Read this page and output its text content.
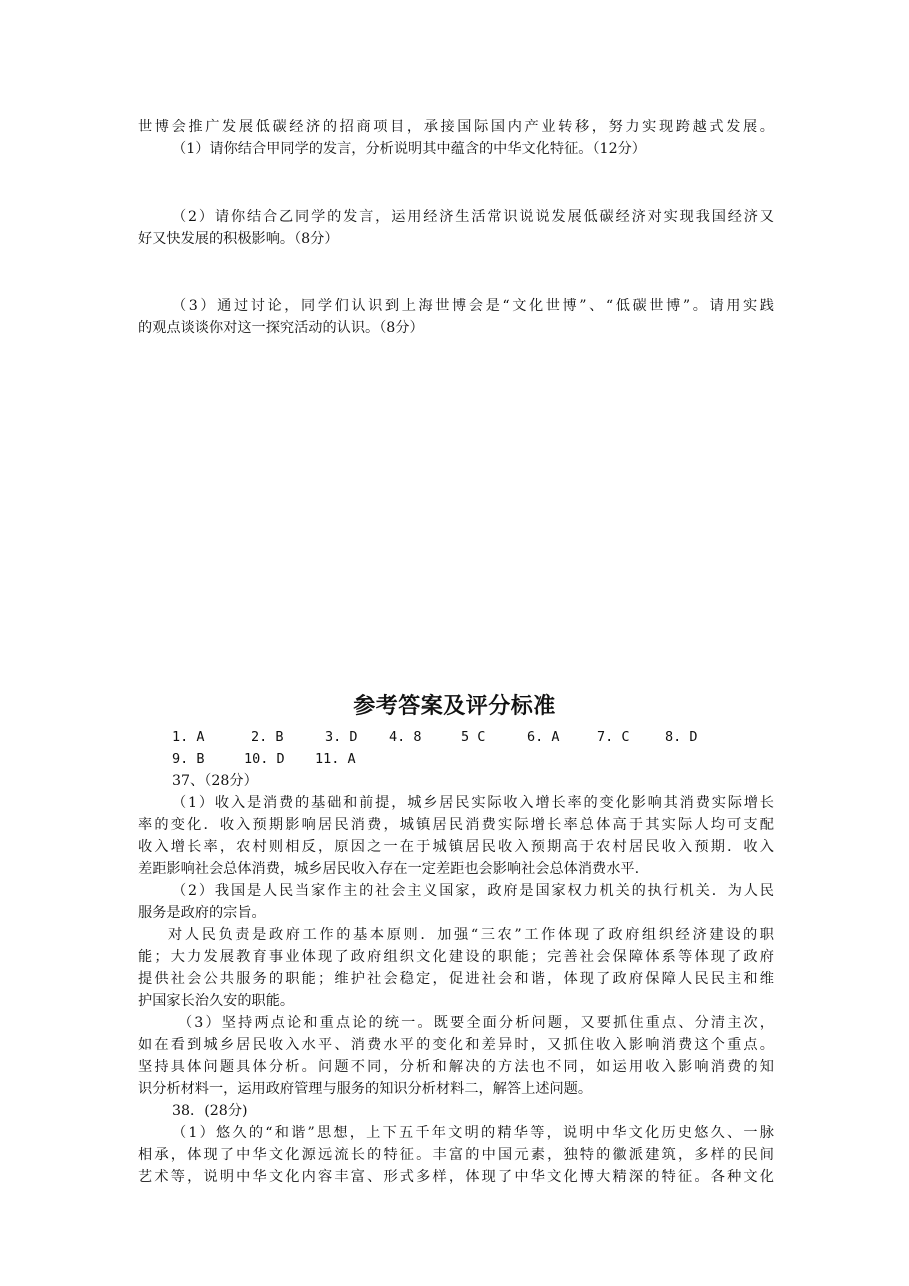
世博会推广发展低碳经济的招商项目，承接国际国内产业转移，努力实现跨越式发展。
（1）请你结合甲同学的发言，分析说明其中蕴含的中华文化特征。（12分）
（2）请你结合乙同学的发言，运用经济生活常识说说发展低碳经济对实现我国经济又
好又快发展的积极影响。（8分）
（3）通过讨论，同学们认识到上海世博会是“文化世博”、“低碳世博”。请用实践
的观点谈谈你对这一探究活动的认识。（8分）
参考答案及评分标准
1. A	2. B	3. D 4. 8	5 C	6. A	7. C	8. D
9. B	10. D 11. A
37、（28分）
（1）收入是消费的基础和前提，城乡居民实际收入增长率的变化影响其消费实际增长
率的变化．收入预期影响居民消费，城镇居民消费实际增长率总体高于其实际人均可支配
收入增长率，农村则相反，原因之一在于城镇居民收入预期高于农村居民收入预期．收入
差距影响社会总体消费，城乡居民收入存在一定差距也会影响社会总体消费水平.
（2）我国是人民当家作主的社会主义国家，政府是国家权力机关的执行机关．为人民
服务是政府的宗旨。
对人民负责是政府工作的基本原则．加强“三农”工作体现了政府组织经济建设的职
能；大力发展教育事业体现了政府组织文化建设的职能；完善社会保障体系等体现了政府
提供社会公共服务的职能；维护社会稳定，促进社会和谐，体现了政府保障人民民主和维
护国家长治久安的职能。
（3）坚持两点论和重点论的统一。既要全面分析问题，又要抓住重点、分清主次，
如在看到城乡居民收入水平、消费水平的变化和差异时，又抓住收入影响消费这个重点。
坚持具体问题具体分析。问题不同，分析和解决的方法也不同，如运用收入影响消费的知
识分析材料一，运用政府管理与服务的知识分析材料二，解答上述问题。
38．(28分)
（1）悠久的“和谐”思想，上下五千年文明的精华等，说明中华文化历史悠久、一脉
相承，体现了中华文化源远流长的特征。丰富的中国元素，独特的徽派建筑，多样的民间
艺术等，说明中华文化内容丰富、形式多样，体现了中华文化博大精深的特征。各种文化
